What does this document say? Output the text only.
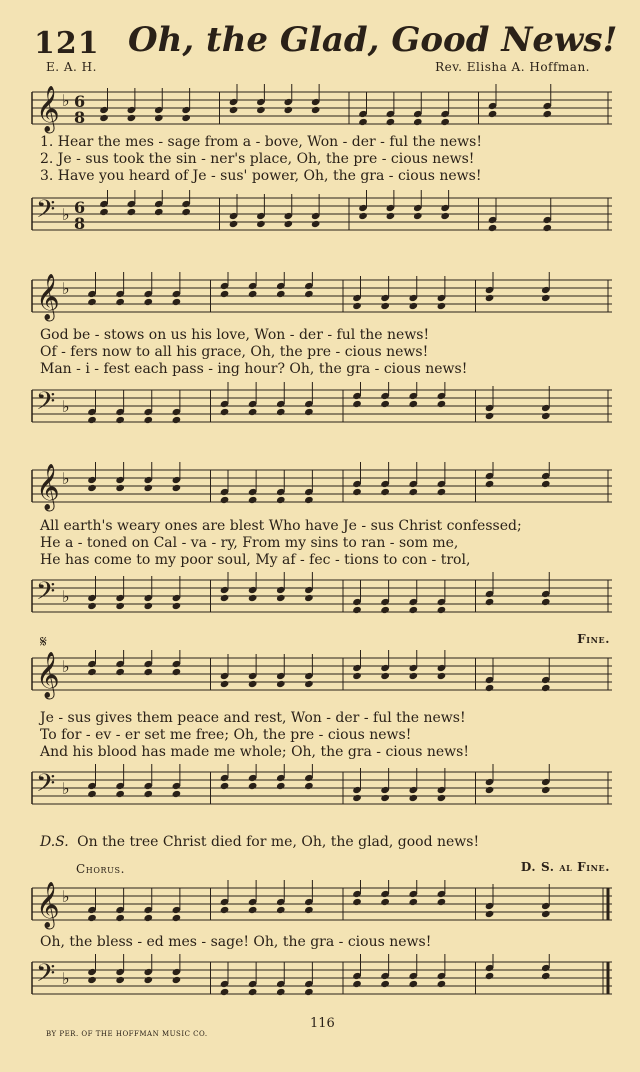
121 Oh, the Glad, Good News!
E. A. H.	Rev. Elisha A. Hoffman.
𝄞 ♭ 6
8
1. Hear the mes - sage from a - bove, Won - der - ful the news!
2. Je - sus took the sin - ner's place, Oh, the pre - cious news!
3. Have you heard of Je - sus' power, Oh, the gra - cious news!
𝄢 ♭ 6
8
𝄞 ♭
God be - stows on us his love, Won - der - ful the news!
Of - fers now to all his grace, Oh, the pre - cious news!
Man - i - fest each pass - ing hour? Oh, the gra - cious news!
𝄢 ♭
𝄞 ♭
All earth's weary ones are blest Who have Je - sus Christ confessed;
He a - toned on Cal - va - ry, From my sins to ran - som me,
He has come to my poor soul, My af - fec - tions to con - trol,
𝄢 ♭
𝄋	Fine.
𝄞 ♭
Je - sus gives them peace and rest, Won - der - ful the news!
To for - ev - er set me free; Oh, the pre - cious news!
And his blood has made me whole; Oh, the gra - cious news!
𝄢 ♭
D.S. On the tree Christ died for me, Oh, the glad, good news!
Chorus.	D. S. al Fine.
𝄞 ♭
Oh, the bless - ed mes - sage! Oh, the gra - cious news!
𝄢 ♭
116
BY PER. OF THE HOFFMAN MUSIC CO.
